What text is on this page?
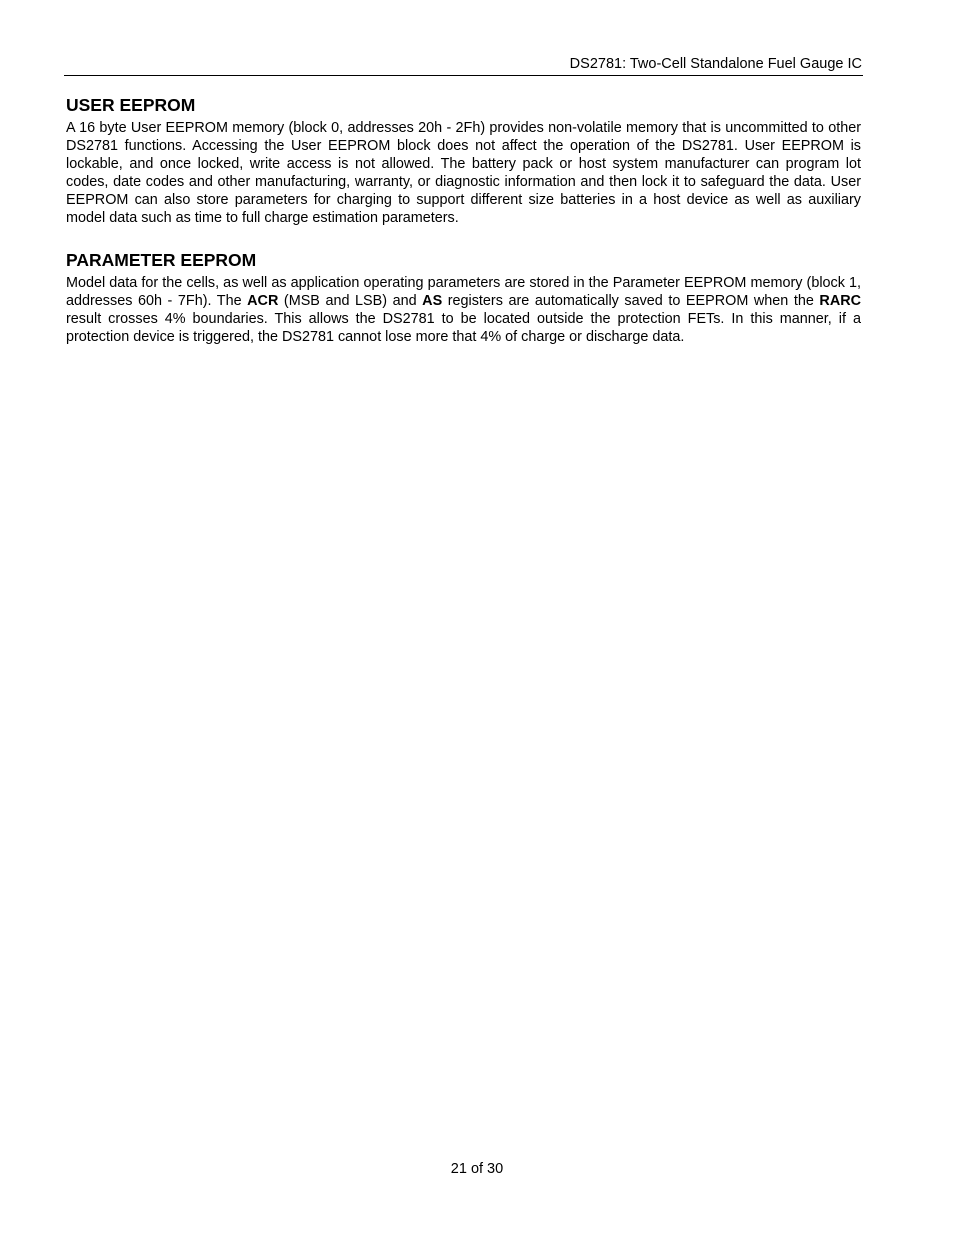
DS2781: Two-Cell Standalone Fuel Gauge IC
USER EEPROM

A 16 byte User EEPROM memory (block 0, addresses 20h - 2Fh) provides non-volatile memory that is uncommitted to other DS2781 functions. Accessing the User EEPROM block does not affect the operation of the DS2781. User EEPROM is lockable, and once locked, write access is not allowed. The battery pack or host system manufacturer can program lot codes, date codes and other manufacturing, warranty, or diagnostic information and then lock it to safeguard the data. User EEPROM can also store parameters for charging to support different size batteries in a host device as well as auxiliary model data such as time to full charge estimation parameters.

PARAMETER EEPROM

Model data for the cells, as well as application operating parameters are stored in the Parameter EEPROM memory (block 1, addresses 60h - 7Fh). The ACR (MSB and LSB) and AS registers are automatically saved to EEPROM when the RARC result crosses 4% boundaries. This allows the DS2781 to be located outside the protection FETs. In this manner, if a protection device is triggered, the DS2781 cannot lose more that 4% of charge or discharge data.

21 of 30
